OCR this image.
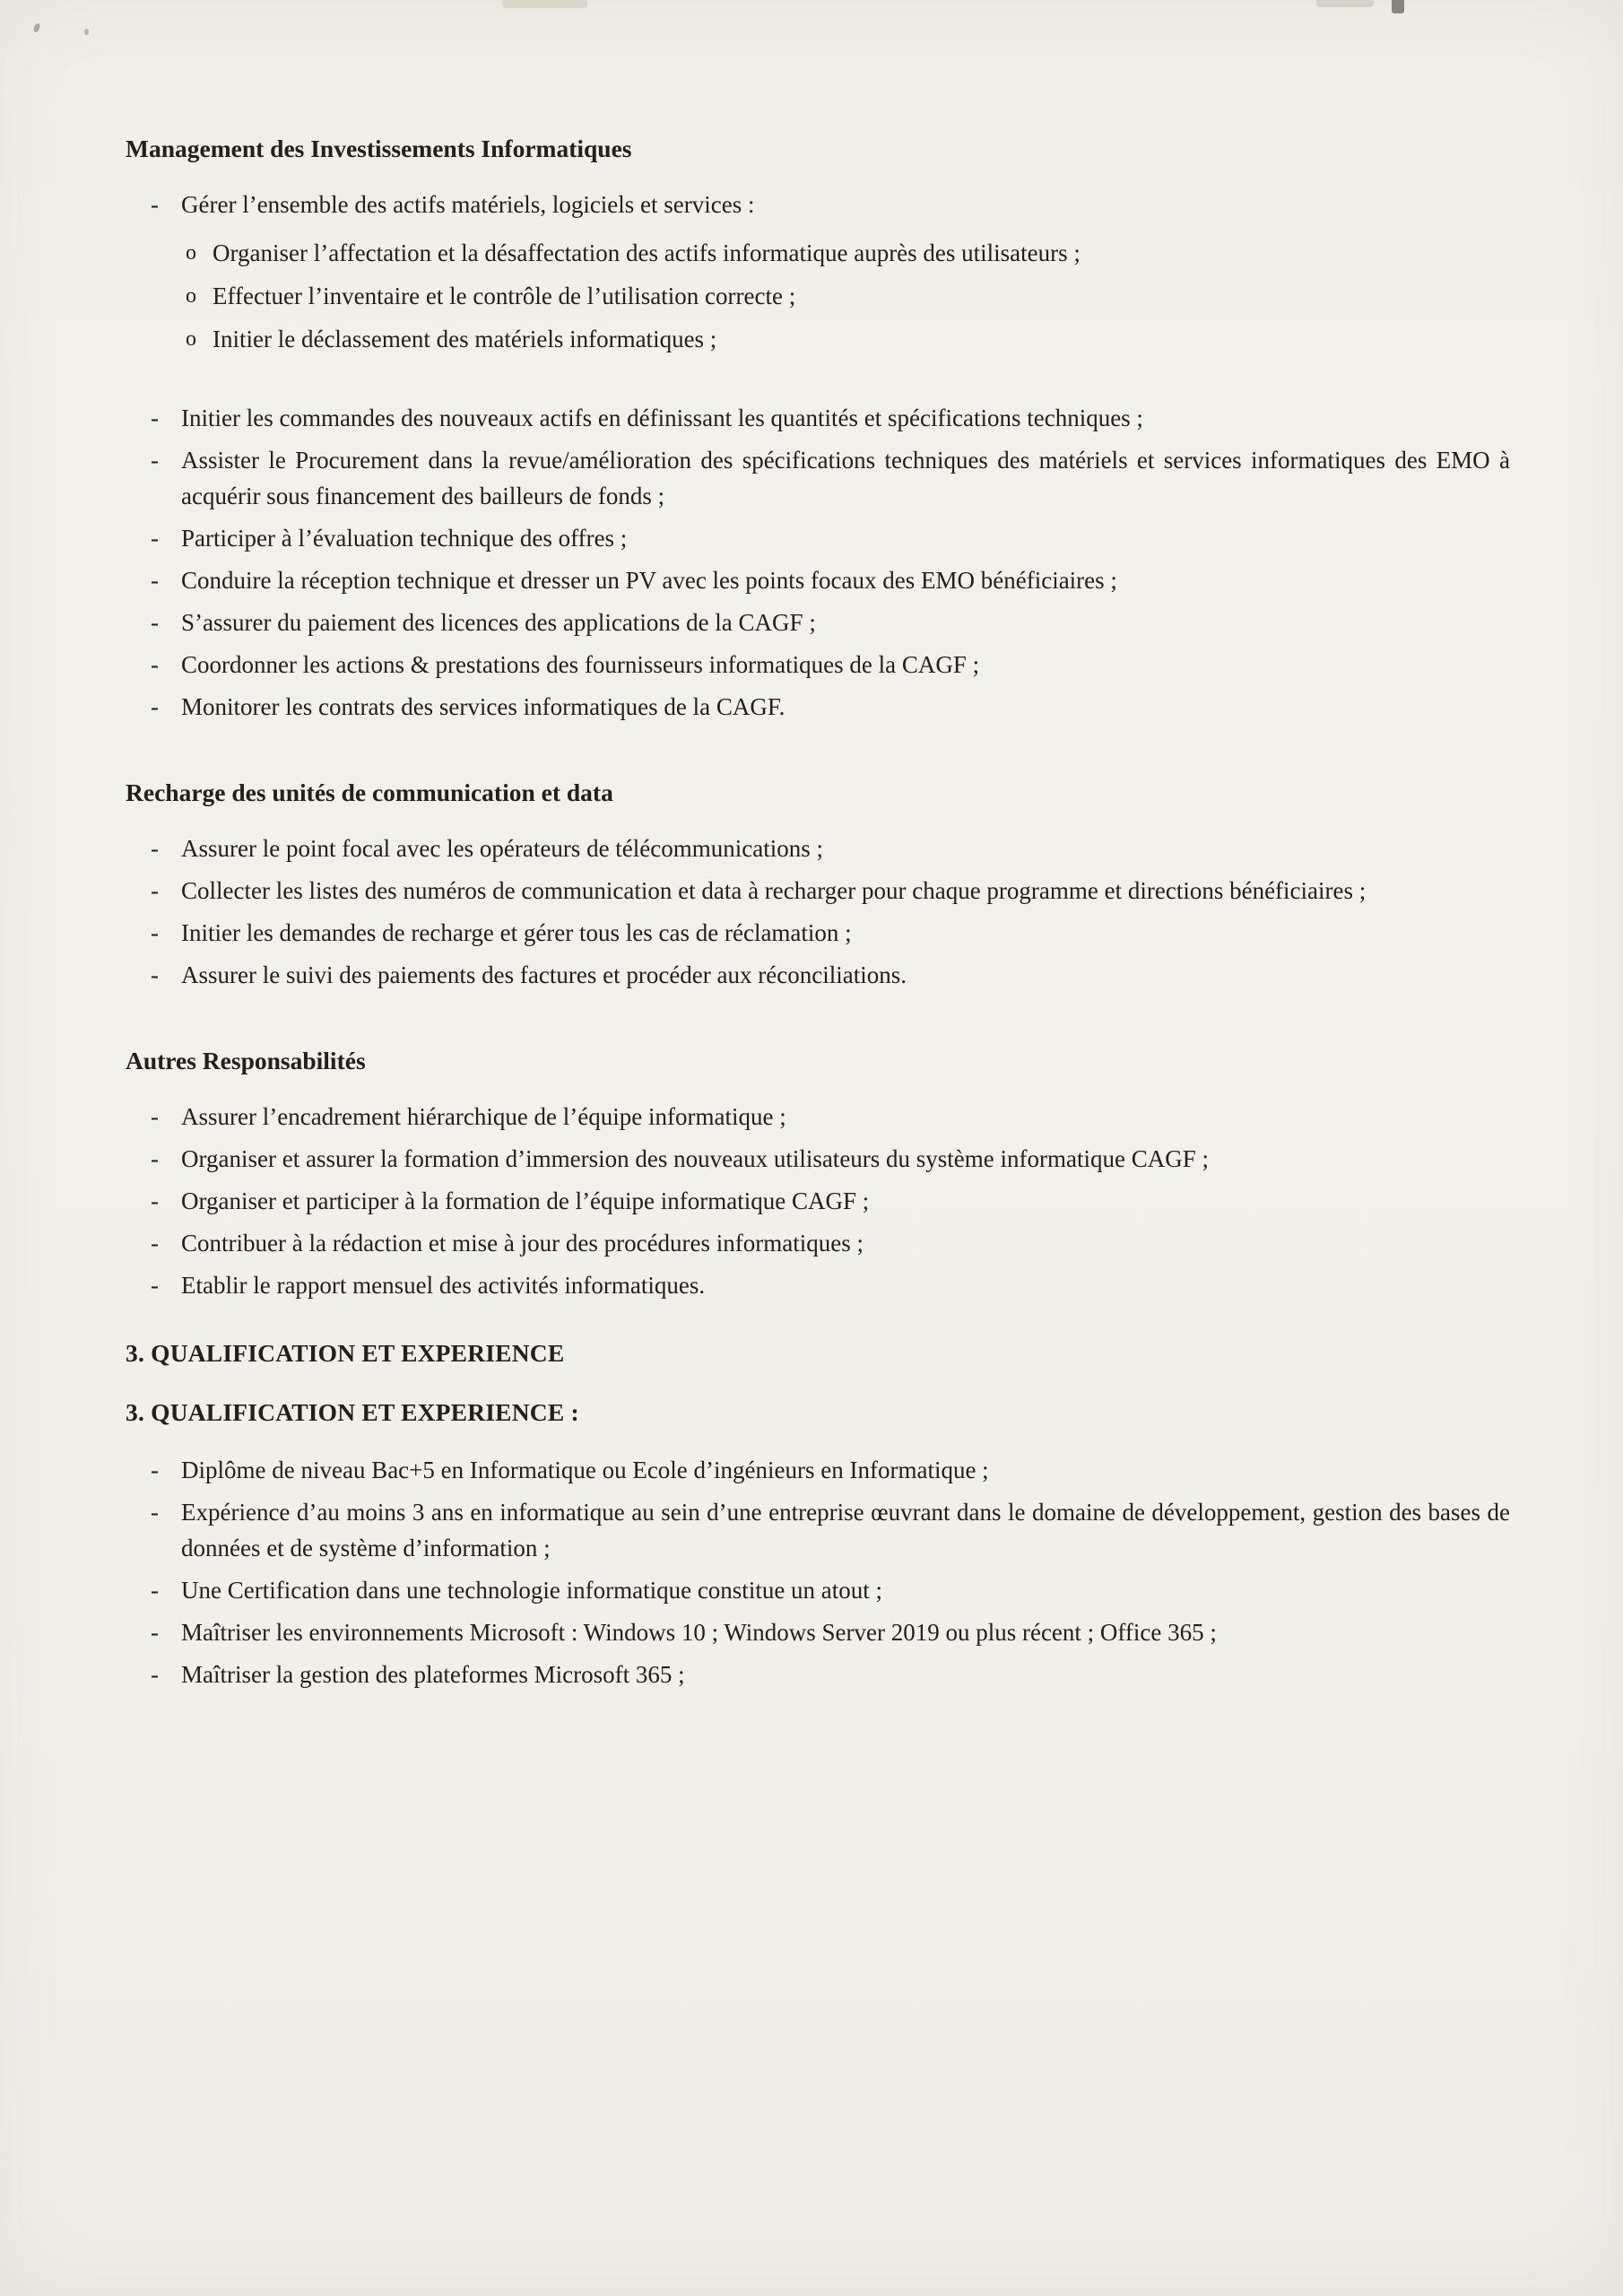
Management des Investissements Informatiques
- Gérer l’ensemble des actifs matériels, logiciels et services :
o Organiser l’affectation et la désaffectation des actifs informatique auprès des utilisateurs ;
o Effectuer l’inventaire et le contrôle de l’utilisation correcte ;
o Initier le déclassement des matériels informatiques ;
- Initier les commandes des nouveaux actifs en définissant les quantités et spécifications techniques ;
- Assister le Procurement dans la revue/amélioration des spécifications techniques des matériels et services informatiques des EMO à acquérir sous financement des bailleurs de fonds ;
- Participer à l’évaluation technique des offres ;
- Conduire la réception technique et dresser un PV avec les points focaux des EMO bénéficiaires ;
- S’assurer du paiement des licences des applications de la CAGF ;
- Coordonner les actions & prestations des fournisseurs informatiques de la CAGF ;
- Monitorer les contrats des services informatiques de la CAGF.
Recharge des unités de communication et data
- Assurer le point focal avec les opérateurs de télécommunications ;
- Collecter les listes des numéros de communication et data à recharger pour chaque programme et directions bénéficiaires ;
- Initier les demandes de recharge et gérer tous les cas de réclamation ;
- Assurer le suivi des paiements des factures et procéder aux réconciliations.
Autres Responsabilités
- Assurer l’encadrement hiérarchique de l’équipe informatique ;
- Organiser et assurer la formation d’immersion des nouveaux utilisateurs du système informatique CAGF ;
- Organiser et participer à la formation de l’équipe informatique CAGF ;
- Contribuer à la rédaction et mise à jour des procédures informatiques ;
- Etablir le rapport mensuel des activités informatiques.
3. QUALIFICATION ET EXPERIENCE
3. QUALIFICATION ET EXPERIENCE :
- Diplôme de niveau Bac+5 en Informatique ou Ecole d’ingénieurs en Informatique ;
- Expérience d’au moins 3 ans en informatique au sein d’une entreprise œuvrant dans le domaine de développement, gestion des bases de données et de système d’information ;
- Une Certification dans une technologie informatique constitue un atout ;
- Maîtriser les environnements Microsoft : Windows 10 ; Windows Server 2019 ou plus récent ; Office 365 ;
- Maîtriser la gestion des plateformes Microsoft 365 ;
